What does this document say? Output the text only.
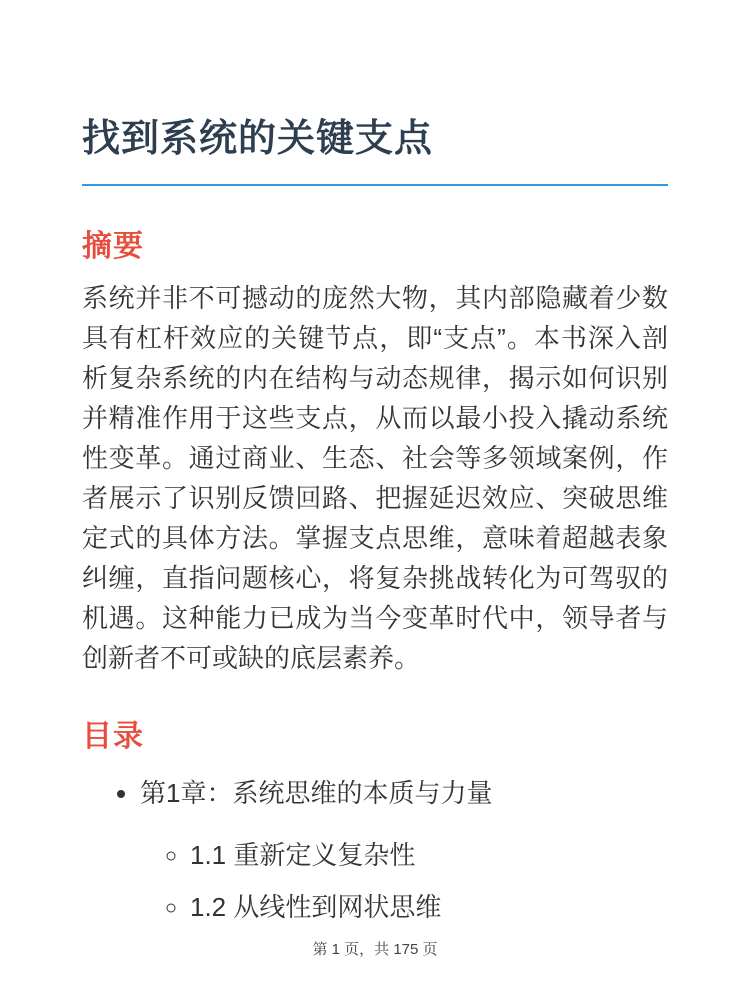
找到系统的关键支点
摘要

系统并非不可撼动的庞然大物，其内部隐藏着少数具有杠杆效应的关键节点，即“支点”。本书深入剖析复杂系统的内在结构与动态规律，揭示如何识别并精准作用于这些支点，从而以最小投入撬动系统性变革。通过商业、生态、社会等多领域案例，作者展示了识别反馈回路、把握延迟效应、突破思维定式的具体方法。掌握支点思维，意味着超越表象纠缠，直指问题核心，将复杂挑战转化为可驾驭的机遇。这种能力已成为当今变革时代中，领导者与创新者不可或缺的底层素养。

目录
• 第1章：系统思维的本质与力量
◦ 1.1 重新定义复杂性
◦ 1.2 从线性到网状思维
第 1 页，共 175 页
